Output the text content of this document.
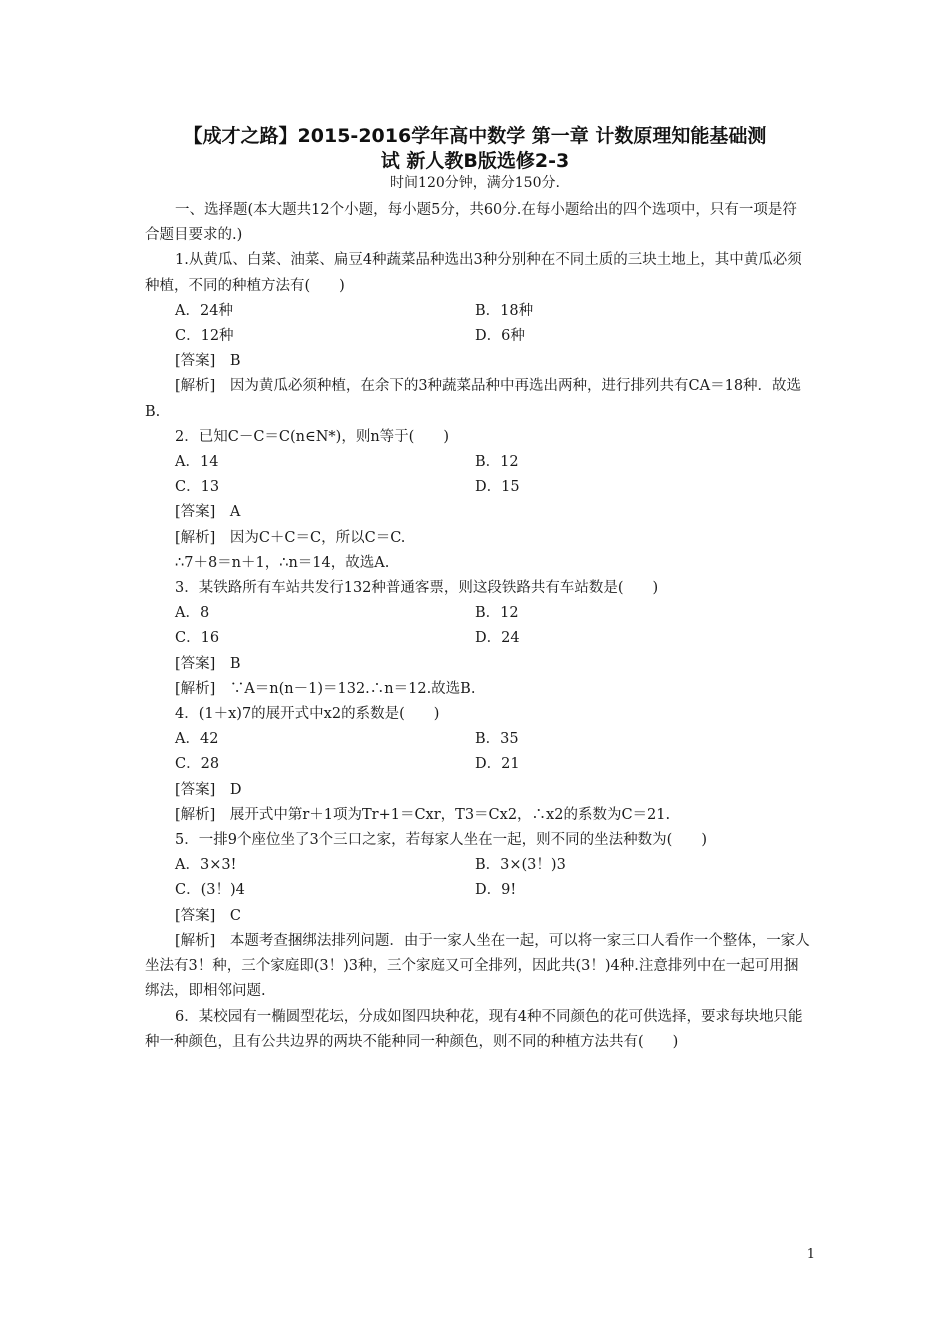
【成才之路】2015-2016学年高中数学 第一章 计数原理知能基础测
试 新人教B版选修2-3
时间120分钟，满分150分.

一、选择题(本大题共12个小题，每小题5分，共60分.在每小题给出的四个选项中，只有一项是符合题目要求的.)

1.从黄瓜、白菜、油菜、扁豆4种蔬菜品种选出3种分别种在不同土质的三块土地上，其中黄瓜必须种植，不同的种植方法有(　　)

A．24种	B．18种
C．12种	D．6种

[答案]　B

[解析]　因为黄瓜必须种植，在余下的3种蔬菜品种中再选出两种，进行排列共有CA＝18种．故选B.

2．已知C－C＝C(n∈N*)，则n等于(　　)

A．14	B．12
C．13	D．15

[答案]　A

[解析]　因为C＋C＝C，所以C＝C.

∴7＋8＝n＋1，∴n＝14，故选A.

3．某铁路所有车站共发行132种普通客票，则这段铁路共有车站数是(　　)

A．8	B．12
C．16	D．24

[答案]　B

[解析]　∵A＝n(n－1)＝132.∴n＝12.故选B.

4．(1＋x)7的展开式中x2的系数是(　　)

A．42	B．35
C．28	D．21

[答案]　D

[解析]　展开式中第r＋1项为Tr+1＝Cxr，T3＝Cx2，∴x2的系数为C＝21.

5．一排9个座位坐了3个三口之家，若每家人坐在一起，则不同的坐法种数为(　　)

A．3×3!	B．3×(3！)3
C．(3！)4	D．9!

[答案]　C

[解析]　本题考查捆绑法排列问题．由于一家人坐在一起，可以将一家三口人看作一个整体，一家人坐法有3！种，三个家庭即(3！)3种，三个家庭又可全排列，因此共(3！)4种.注意排列中在一起可用捆绑法，即相邻问题.

6．某校园有一椭圆型花坛，分成如图四块种花，现有4种不同颜色的花可供选择，要求每块地只能种一种颜色，且有公共边界的两块不能种同一种颜色，则不同的种植方法共有(　　)

1
